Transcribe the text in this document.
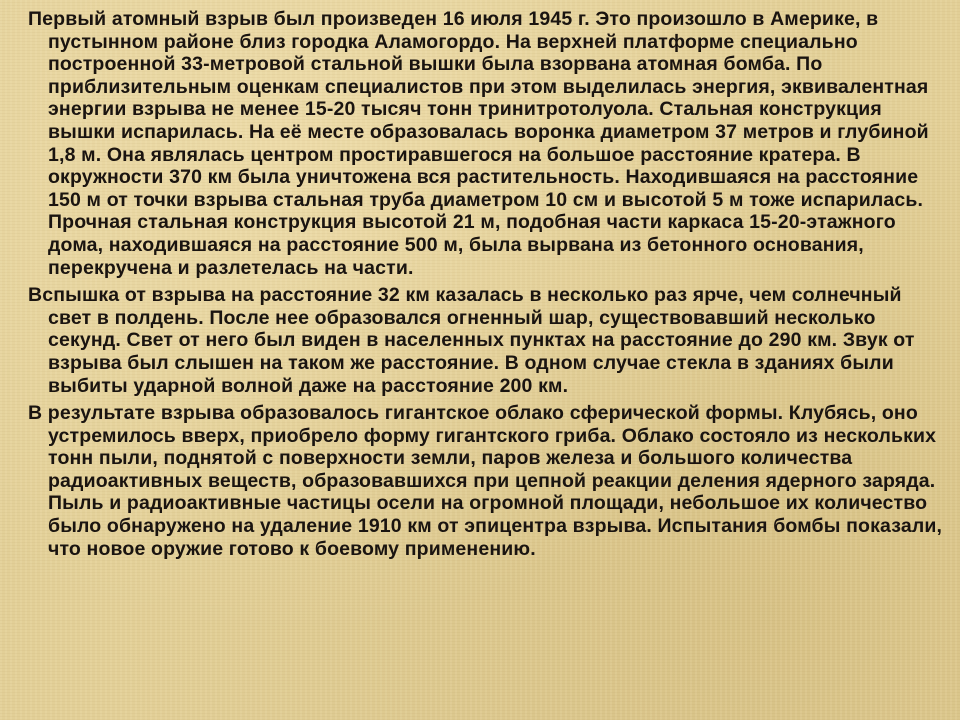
Первый атомный взрыв был произведен 16 июля 1945 г. Это произошло в Америке, в пустынном районе близ городка Аламогордо. На верхней платформе специально построенной 33-метровой стальной вышки была взорвана атомная бомба. По приблизительным оценкам специалистов при этом выделилась энергия, эквивалентная энергии взрыва не менее 15-20 тысяч тонн тринитротолуола. Стальная конструкция вышки испарилась. На её месте образовалась воронка диаметром 37 метров и глубиной 1,8 м. Она являлась центром простиравшегося на большое расстояние кратера. В окружности 370 км была уничтожена вся растительность. Находившаяся на расстояние 150 м от точки взрыва стальная труба диаметром 10 см и высотой 5 м тоже испарилась. Прочная стальная конструкция высотой 21 м, подобная части каркаса 15-20-этажного дома, находившаяся на расстояние 500 м, была вырвана из бетонного основания, перекручена и разлетелась на части.

Вспышка от взрыва на расстояние 32 км казалась в несколько раз ярче, чем солнечный свет в полдень. После нее образовался огненный шар, существовавший несколько секунд. Свет от него был виден в населенных пунктах на расстояние до 290 км. Звук от взрыва был слышен на таком же расстояние. В одном случае стекла в зданиях были выбиты ударной волной даже на расстояние 200 км.

В результате взрыва образовалось гигантское облако сферической формы. Клубясь, оно устремилось вверх, приобрело форму гигантского гриба. Облако состояло из нескольких тонн пыли, поднятой с поверхности земли, паров железа и большого количества радиоактивных веществ, образовавшихся при цепной реакции деления ядерного заряда. Пыль и радиоактивные частицы осели на огромной площади, небольшое их количество было обнаружено на удаление 1910 км от эпицентра взрыва. Испытания бомбы показали, что новое оружие готово к боевому применению.
